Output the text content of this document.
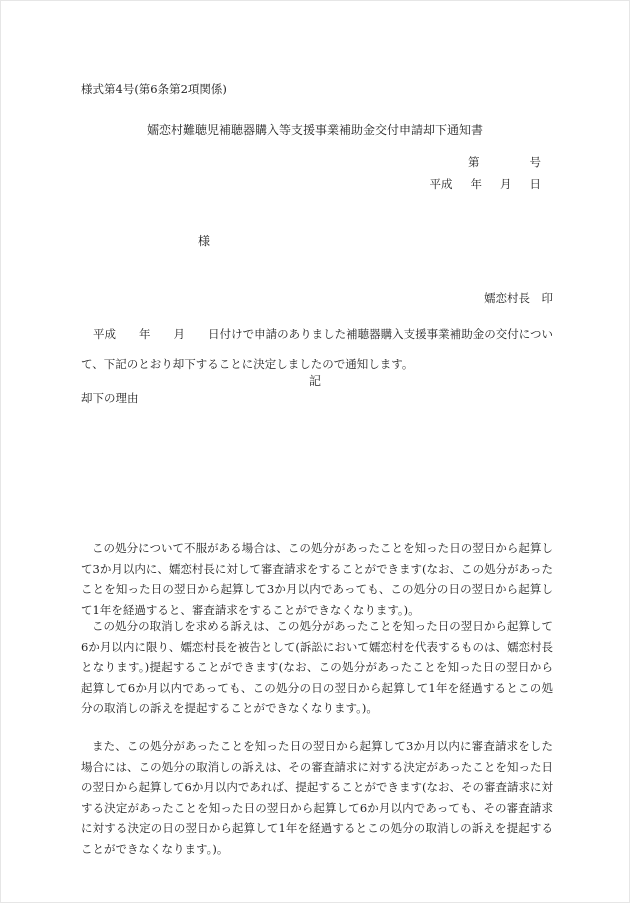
様式第4号(第6条第2項関係)
嬬恋村難聴児補聴器購入等支援事業補助金交付申請却下通知書
第	号
平成 年 月 日
様
嬬恋村長　印

平成　　年　　月　　日付けで申請のありました補聴器購入支援事業補助金の交付について、下記のとおり却下することに決定しましたので通知します。

記
却下の理由

この処分について不服がある場合は、この処分があったことを知った日の翌日から起算して3か月以内に、嬬恋村長に対して審査請求をすることができます(なお、この処分があったことを知った日の翌日から起算して3か月以内であっても、この処分の日の翌日から起算して1年を経過すると、審査請求をすることができなくなります。)。

この処分の取消しを求める訴えは、この処分があったことを知った日の翌日から起算して6か月以内に限り、嬬恋村長を被告として(訴訟において嬬恋村を代表するものは、嬬恋村長となります。)提起することができます(なお、この処分があったことを知った日の翌日から起算して6か月以内であっても、この処分の日の翌日から起算して1年を経過するとこの処分の取消しの訴えを提起することができなくなります。)。

また、この処分があったことを知った日の翌日から起算して3か月以内に審査請求をした場合には、この処分の取消しの訴えは、その審査請求に対する決定があったことを知った日の翌日から起算して6か月以内であれば、提起することができます(なお、その審査請求に対する決定があったことを知った日の翌日から起算して6か月以内であっても、その審査請求に対する決定の日の翌日から起算して1年を経過するとこの処分の取消しの訴えを提起することができなくなります。)。
